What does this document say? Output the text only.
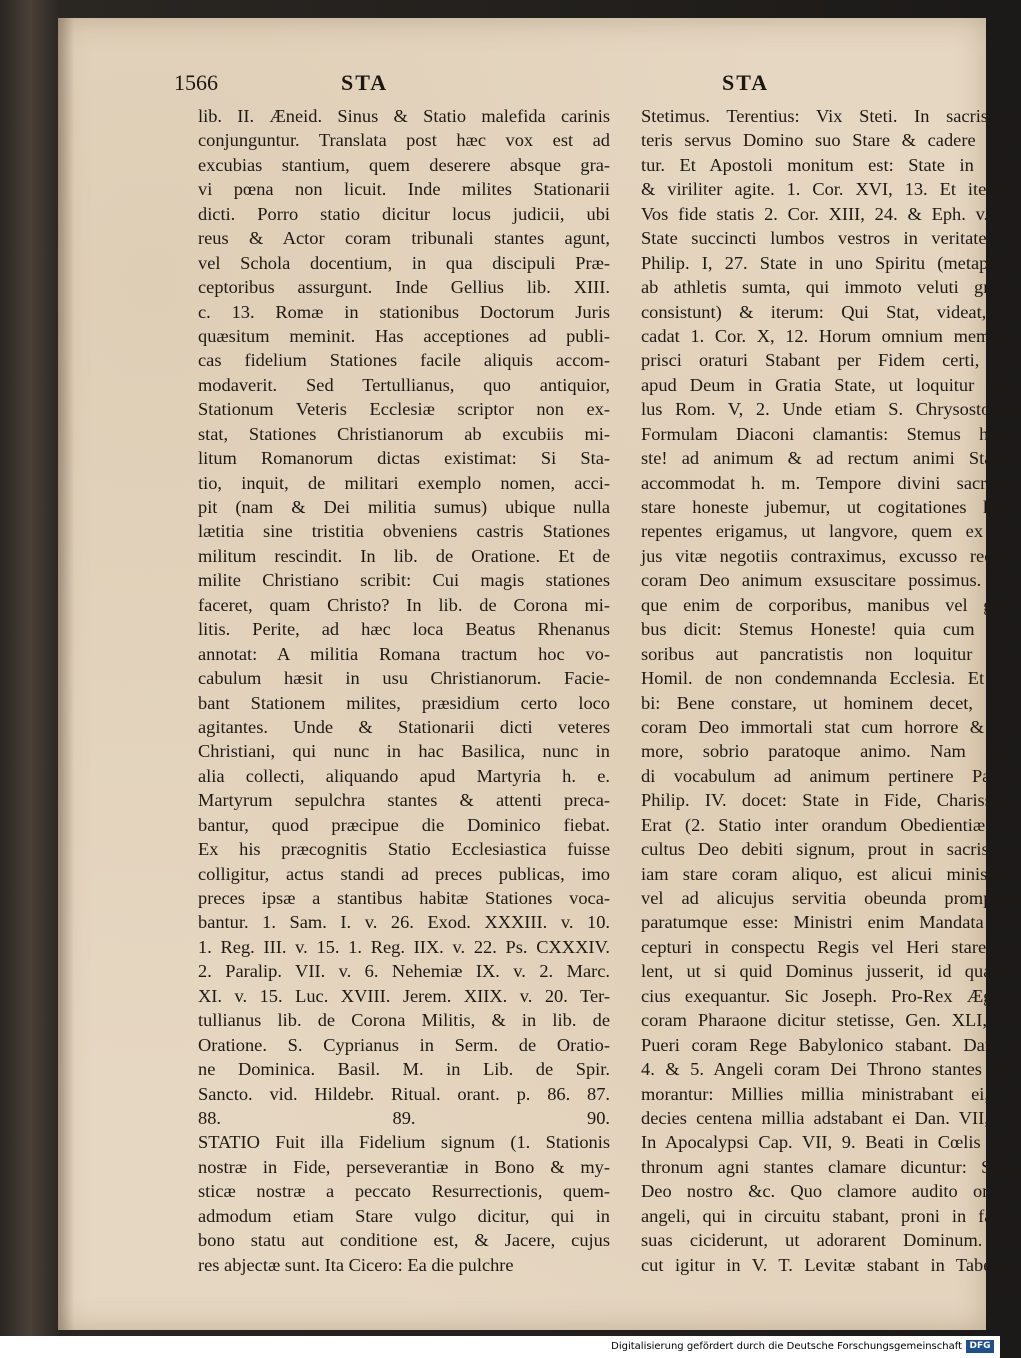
1566	STA	STA
lib. II. Æneid. Sinus & Statio malefida carinis
conjunguntur. Translata post hæc vox est ad
excubias stantium, quem deserere absque gra-
vi pœna non licuit. Inde milites Stationarii
dicti. Porro statio dicitur locus judicii, ubi
reus & Actor coram tribunali stantes agunt,
vel Schola docentium, in qua discipuli Præ-
ceptoribus assurgunt. Inde Gellius lib. XIII.
c. 13. Romæ in stationibus Doctorum Juris
quæsitum meminit. Has acceptiones ad publi-
cas fidelium Stationes facile aliquis accom-
modaverit. Sed Tertullianus, quo antiquior,
Stationum Veteris Ecclesiæ scriptor non ex-
stat, Stationes Christianorum ab excubiis mi-
litum Romanorum dictas existimat: Si Sta-
tio, inquit, de militari exemplo nomen, acci-
pit (nam & Dei militia sumus) ubique nulla
lætitia sine tristitia obveniens castris Stationes
militum rescindit. In lib. de Oratione. Et de
milite Christiano scribit: Cui magis stationes
faceret, quam Christo? In lib. de Corona mi-
litis. Perite, ad hæc loca Beatus Rhenanus
annotat: A militia Romana tractum hoc vo-
cabulum hæsit in usu Christianorum. Facie-
bant Stationem milites, præsidium certo loco
agitantes. Unde & Stationarii dicti veteres
Christiani, qui nunc in hac Basilica, nunc in
alia collecti, aliquando apud Martyria h. e.
Martyrum sepulchra stantes & attenti preca-
bantur, quod præcipue die Dominico fiebat.
Ex his præcognitis Statio Ecclesiastica fuisse
colligitur, actus standi ad preces publicas, imo
preces ipsæ a stantibus habitæ Stationes voca-
bantur. 1. Sam. I. v. 26. Exod. XXXIII. v. 10.
1. Reg. III. v. 15. 1. Reg. IIX. v. 22. Ps. CXXXIV.
2. Paralip. VII. v. 6. Nehemiæ IX. v. 2. Marc.
XI. v. 15. Luc. XVIII. Jerem. XIIX. v. 20. Ter-
tullianus lib. de Corona Militis, & in lib. de
Oratione. S. Cyprianus in Serm. de Oratio-
ne Dominica. Basil. M. in Lib. de Spir.
Sancto. vid. Hildebr. Ritual. orant. p. 86. 87.
88. 89. 90.
STATIO Fuit illa Fidelium signum (1. Stationis
nostræ in Fide, perseverantiæ in Bono & my-
sticæ nostræ a peccato Resurrectionis, quem-
admodum etiam Stare vulgo dicitur, qui in
bono statu aut conditione est, & Jacere, cujus
res abjectæ sunt. Ita Cicero: Ea die pulchre
Stetimus. Terentius: Vix Steti. In sacris li-
teris servus Domino suo Stare & cadere dici-
tur. Et Apostoli monitum est: State in Fide
& viriliter agite. 1. Cor. XVI, 13. Et iterum:
Vos fide statis 2. Cor. XIII, 24. & Eph. v. 14.
State succincti lumbos vestros in veritate. Et
Philip. I, 27. State in uno Spiritu (metaphora
ab athletis sumta, qui immoto veluti gressu
consistunt) & iterum: Qui Stat, videat, ne
cadat 1. Cor. X, 12. Horum omnium memores
prisci oraturi Stabant per Fidem certi, sed
apud Deum in Gratia State, ut loquitur Pau-
lus Rom. V, 2. Unde etiam S. Chrysostomus
Formulam Diaconi clamantis: Stemus hone-
ste! ad animum & ad rectum animi Statum
accommodat h. m. Tempore divini sacrificii
stare honeste jubemur, ut cogitationes humi
repentes erigamus, ut langvore, quem ex hu-
jus vitæ negotiis contraximus, excusso rectum
coram Deo animum exsuscitare possimus. Ne-
que enim de corporibus, manibus vel geni-
bus dicit: Stemus Honeste! quia cum cur-
soribus aut pancratistis non loquitur &c.
Homil. de non condemnanda Ecclesia. Et ali-
bi: Bene constare, ut hominem decet, quia
coram Deo immortali stat cum horrore & tre-
more, sobrio paratoque animo. Nam stan-
di vocabulum ad animum pertinere Paulus
Philip. IV. docet: State in Fide, Charissimi.
Erat (2. Statio inter orandum Obedientiæ vel
cultus Deo debiti signum, prout in sacris et-
iam stare coram aliquo, est alicui ministrare
vel ad alicujus servitia obeunda promptum
paratumque esse: Ministri enim Mandata ac-
cepturi in conspectu Regis vel Heri stare so-
lent, ut si quid Dominus jusserit, id quanto-
cius exequantur. Sic Joseph. Pro-Rex Ægypti
coram Pharaone dicitur stetisse, Gen. XLI, 46.
Pueri coram Rege Babylonico stabant. Dan. I,
4. & 5. Angeli coram Dei Throno stantes me-
morantur: Millies millia ministrabant ei, &
decies centena millia adstabant ei Dan. VII, 10.
In Apocalypsi Cap. VII, 9. Beati in Cœlis ante
thronum agni stantes clamare dicuntur: Salus
Deo nostro &c. Quo clamore audito omnes
angeli, qui in circuitu stabant, proni in facies
suas ciciderunt, ut adorarent Dominum. Si-
cut igitur in V. T. Levitæ stabant in Taberna-
culo
Digitalisierung gefördert durch die Deutsche Forschungsgemeinschaft DFG
